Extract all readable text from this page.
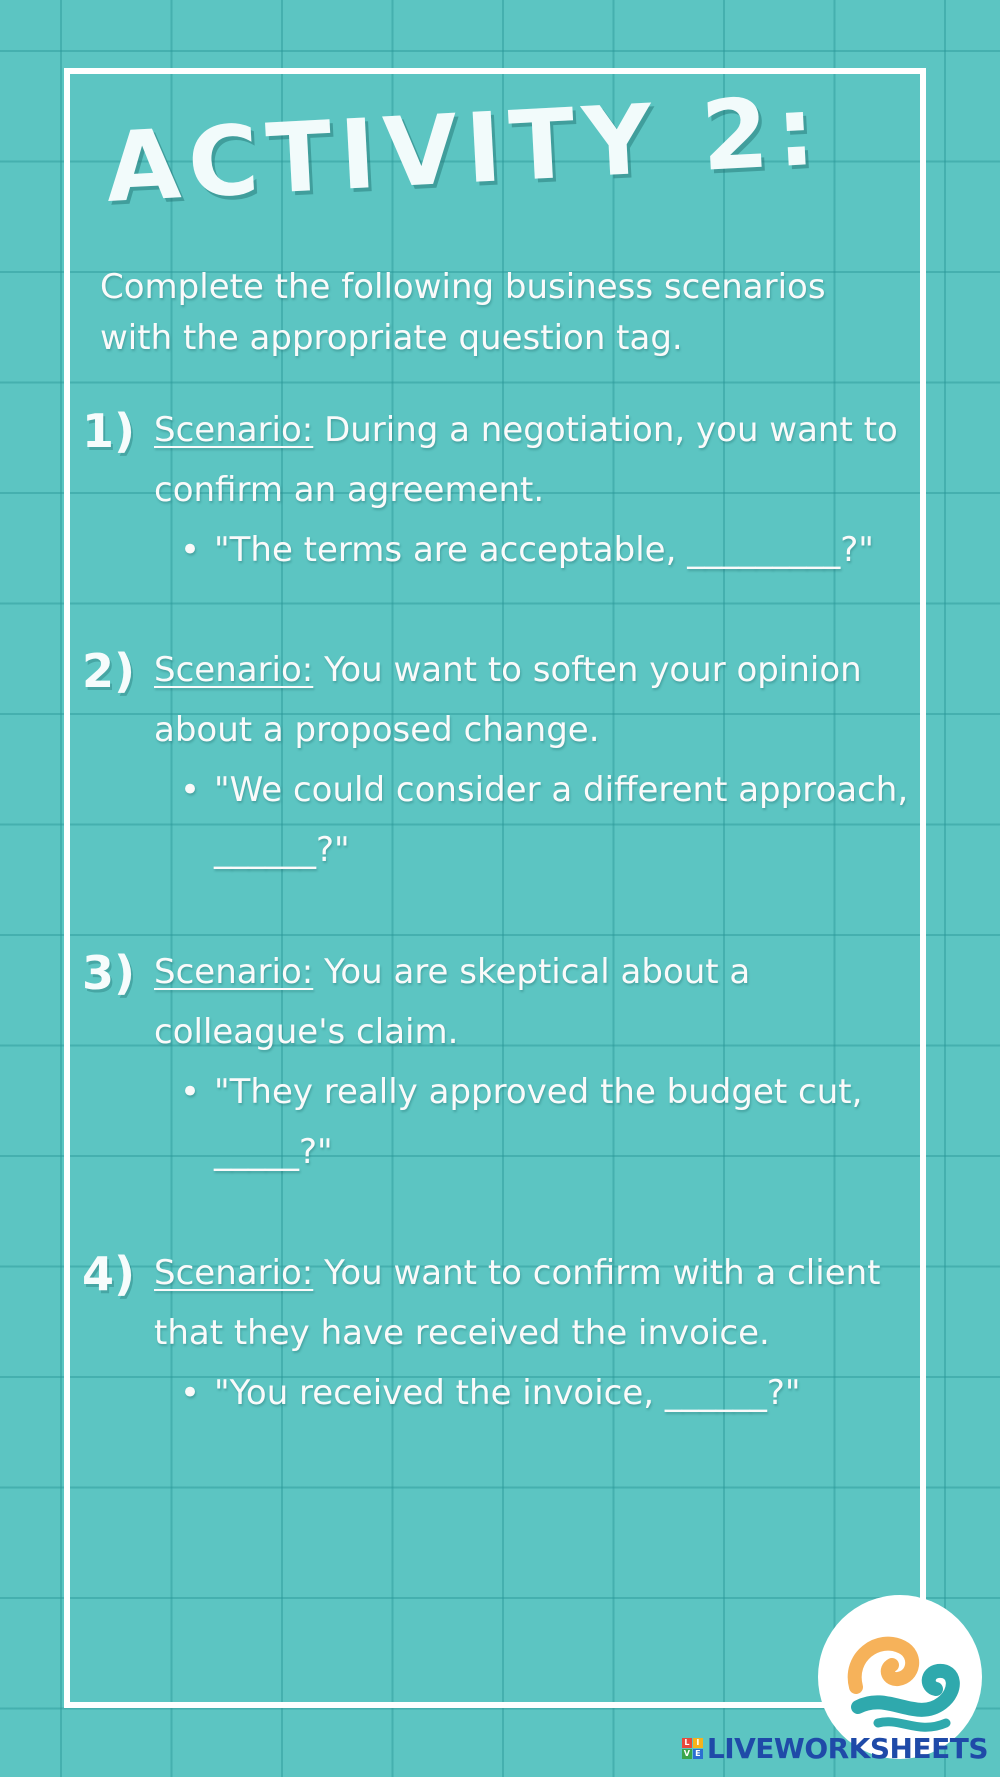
ACTIVITY 2:

Complete the following business scenarios with the appropriate question tag.

1) Scenario: During a negotiation, you want to confirm an agreement.

• "The terms are acceptable, _________?"

2) Scenario: You want to soften your opinion about a proposed change.

• "We could consider a different approach, ______?"

3) Scenario: You are skeptical about a colleague's claim.

• "They really approved the budget cut, _____?"

4) Scenario: You want to confirm with a client that they have received the invoice.

• "You received the invoice, ______?"

L I
V E LIVEWORKSHEETS
